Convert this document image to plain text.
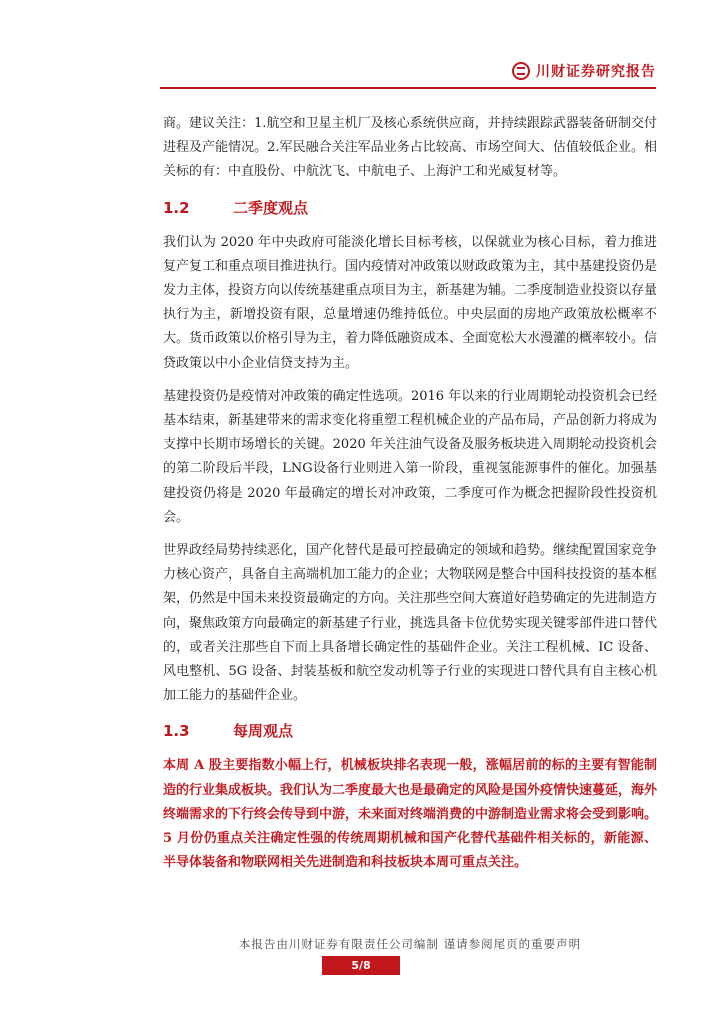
川财证券研究报告

商。建议关注：1.航空和卫星主机厂及核心系统供应商，并持续跟踪武器装备研制交付进程及产能情况。2.军民融合关注军品业务占比较高、市场空间大、估值较低企业。相关标的有：中直股份、中航沈飞、中航电子、上海沪工和光威复材等。

1.2	二季度观点

我们认为 2020 年中央政府可能淡化增长目标考核，以保就业为核心目标，着力推进复产复工和重点项目推进执行。国内疫情对冲政策以财政政策为主，其中基建投资仍是发力主体，投资方向以传统基建重点项目为主，新基建为辅。二季度制造业投资以存量执行为主，新增投资有限，总量增速仍维持低位。中央层面的房地产政策放松概率不大。货币政策以价格引导为主，着力降低融资成本、全面宽松大水漫灌的概率较小。信贷政策以中小企业信贷支持为主。

基建投资仍是疫情对冲政策的确定性选项。2016 年以来的行业周期轮动投资机会已经基本结束，新基建带来的需求变化将重塑工程机械企业的产品布局，产品创新力将成为支撑中长期市场增长的关键。2020 年关注油气设备及服务板块进入周期轮动投资机会的第二阶段后半段，LNG设备行业则进入第一阶段，重视氢能源事件的催化。加强基建投资仍将是 2020 年最确定的增长对冲政策，二季度可作为概念把握阶段性投资机会。

世界政经局势持续恶化，国产化替代是最可控最确定的领域和趋势。继续配置国家竞争力核心资产，具备自主高端机加工能力的企业；大物联网是整合中国科技投资的基本框架，仍然是中国未来投资最确定的方向。关注那些空间大赛道好趋势确定的先进制造方向，聚焦政策方向最确定的新基建子行业，挑选具备卡位优势实现关键零部件进口替代的，或者关注那些自下而上具备增长确定性的基础件企业。关注工程机械、IC 设备、风电整机、5G 设备、封装基板和航空发动机等子行业的实现进口替代具有自主核心机加工能力的基础件企业。

1.3	每周观点

本周 A 股主要指数小幅上行，机械板块排名表现一般，涨幅居前的标的主要有智能制造的行业集成板块。我们认为二季度最大也是最确定的风险是国外疫情快速蔓延，海外终端需求的下行终会传导到中游，未来面对终端消费的中游制造业需求将会受到影响。5 月份仍重点关注确定性强的传统周期机械和国产化替代基础件相关标的，新能源、半导体装备和物联网相关先进制造和科技板块本周可重点关注。

本报告由川财证券有限责任公司编制 谨请参阅尾页的重要声明
5/8
